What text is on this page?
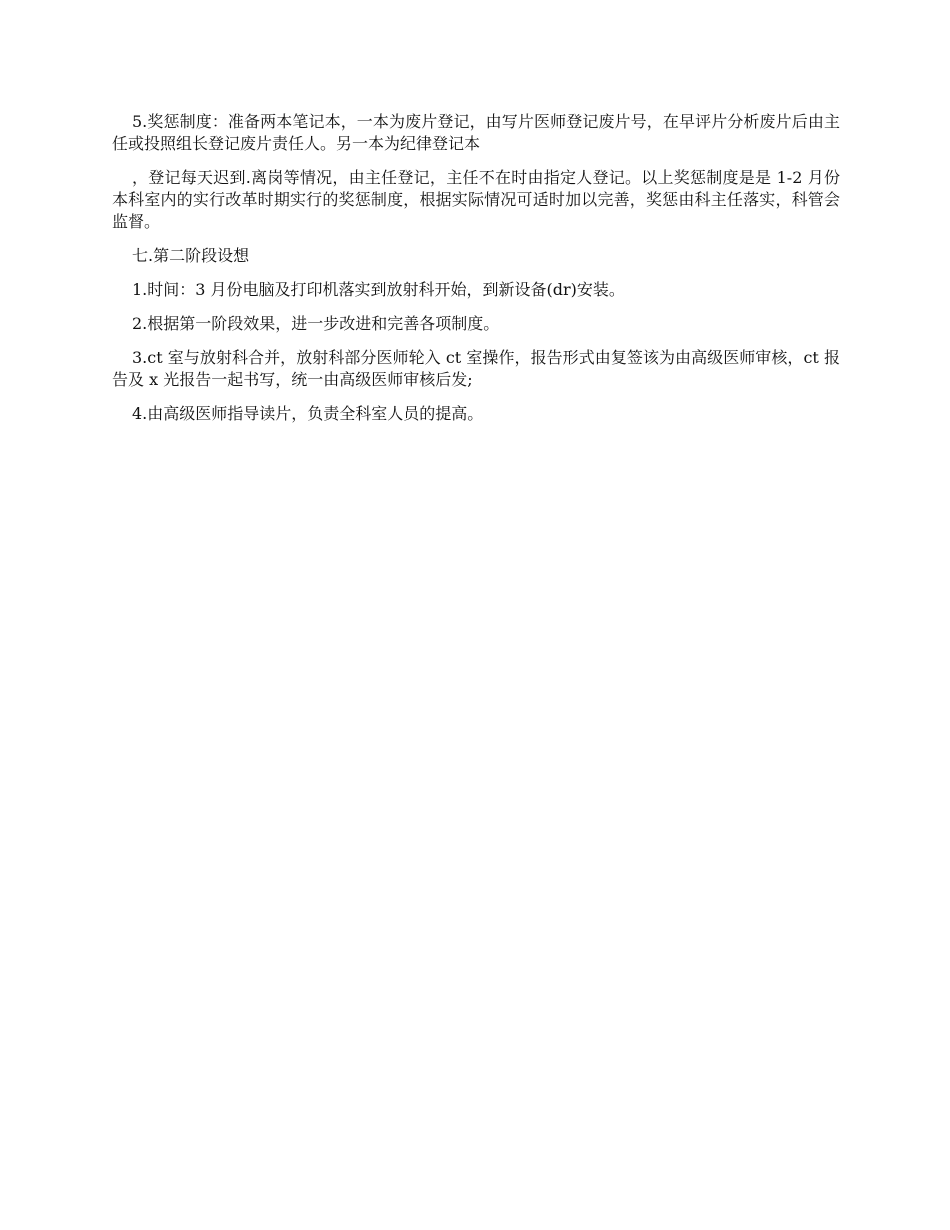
5.奖惩制度：准备两本笔记本，一本为废片登记，由写片医师登记废片号，在早评片分析废片后由主任或投照组长登记废片责任人。另一本为纪律登记本

，登记每天迟到.离岗等情况，由主任登记，主任不在时由指定人登记。以上奖惩制度是是 1-2 月份本科室内的实行改革时期实行的奖惩制度，根据实际情况可适时加以完善，奖惩由科主任落实，科管会监督。

七.第二阶段设想

1.时间：3 月份电脑及打印机落实到放射科开始，到新设备(dr)安装。

2.根据第一阶段效果，进一步改进和完善各项制度。

3.ct 室与放射科合并，放射科部分医师轮入 ct 室操作，报告形式由复签该为由高级医师审核，ct 报告及 x 光报告一起书写，统一由高级医师审核后发;

4.由高级医师指导读片，负责全科室人员的提高。
